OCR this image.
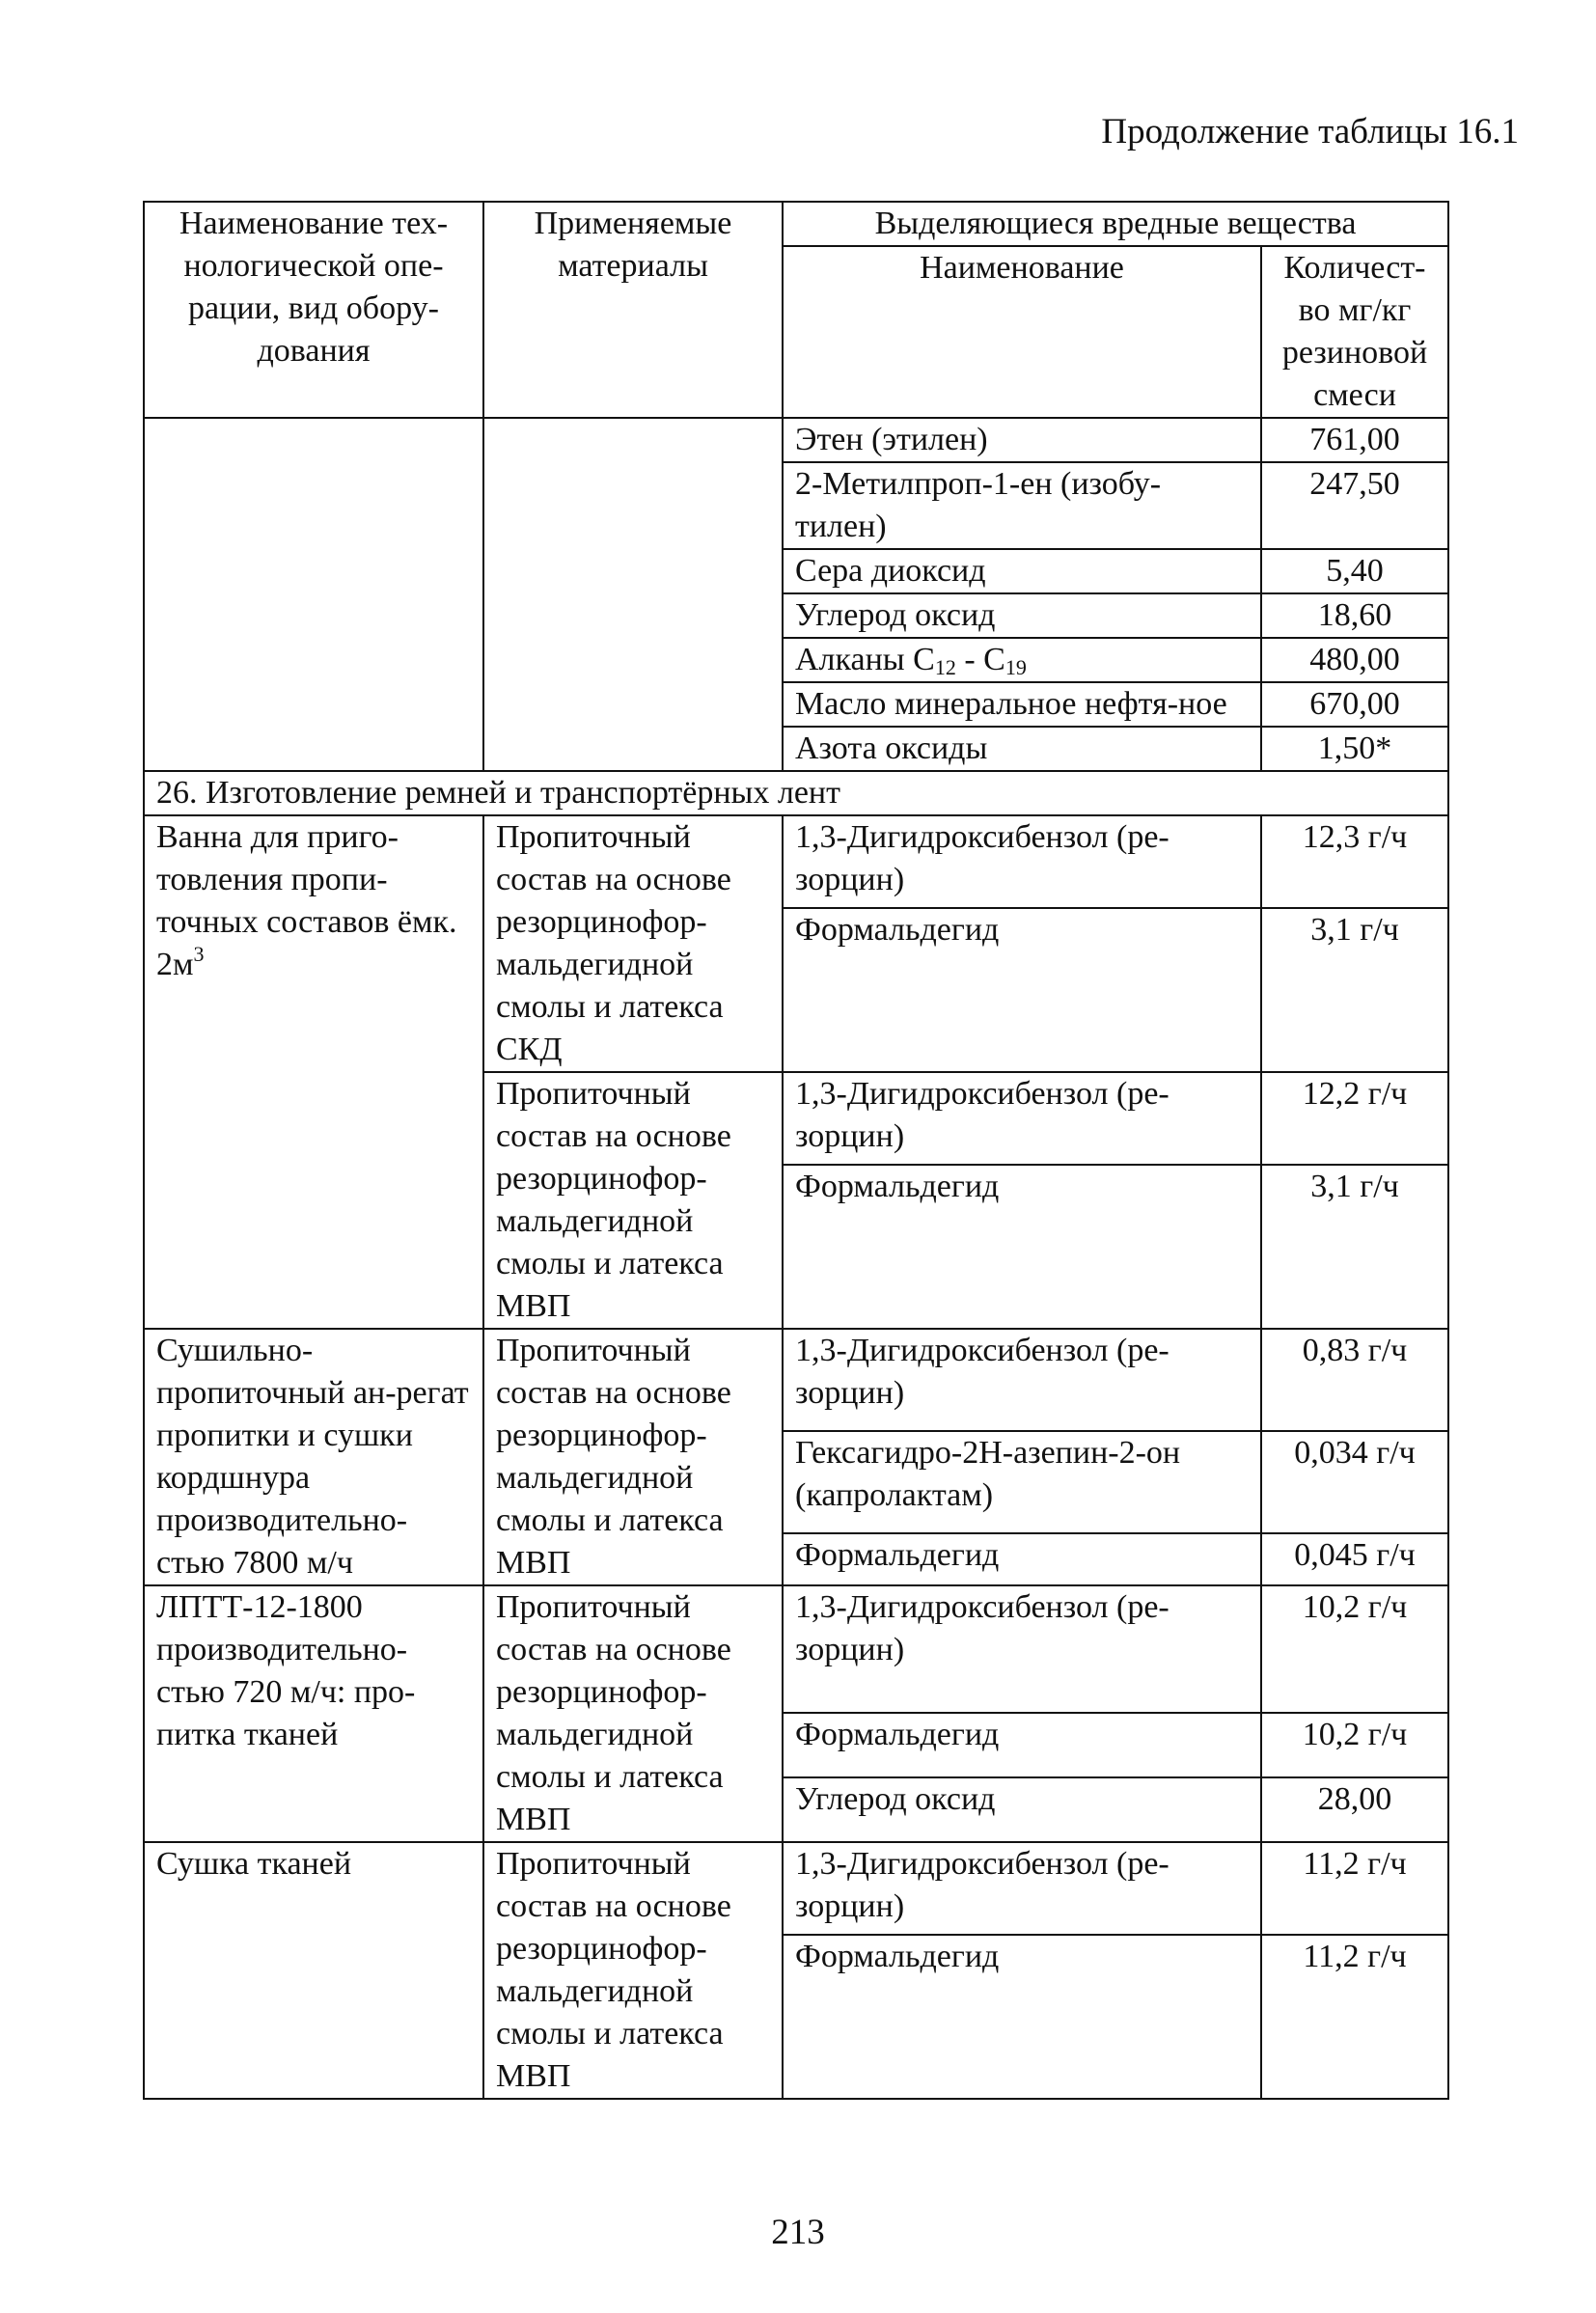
Продолжение таблицы 16.1
Наименование тех-нологической опе-рации, вид обору-дования	Применяемые материалы	Выделяющиеся вредные вещества	
		Наименование	Количест-во мг/кг резиновой смеси
		Этен (этилен)	761,00
		2-Метилпроп-1-ен (изобу-тилен)	247,50
		Сера диоксид	5,40
		Углерод оксид	18,60
		Алканы $С_{12} - С_{19}$	480,00
		Масло минеральное нефтя-ное	670,00
		Азота оксиды	1,50*
26. Изготовление ремней и транспортёрных лент			
Ванна для приго-товления пропи-точных составов ёмк. $2м^3$	Пропиточный состав на основе резорцинофор-мальдегидной смолы и латекса СКД	1,3-Дигидроксибензол (ре-зорцин)	12,3 г/ч
		Формальдегид	3,1 г/ч
	Пропиточный состав на основе резорцинофор-мальдегидной смолы и латекса МВП	1,3-Дигидроксибензол (ре-зорцин)	12,2 г/ч
		Формальдегид	3,1 г/ч
Сушильно-пропиточный ан-регат пропитки и сушки кордшнура производительно-стью 7800 м/ч	Пропиточный состав на основе резорцинофор-мальдегидной смолы и латекса МВП	1,3-Дигидроксибензол (ре-зорцин)	0,83 г/ч
		Гексагидро-2Н-азепин-2-он (капролактам)	0,034 г/ч
		Формальдегид	0,045 г/ч
ЛПТТ-12-1800 производительно-стью 720 м/ч: про-питка тканей	Пропиточный состав на основе резорцинофор-мальдегидной смолы и латекса МВП	1,3-Дигидроксибензол (ре-зорцин)	10,2 г/ч
		Формальдегид	10,2 г/ч
		Углерод оксид	28,00
Сушка тканей	Пропиточный состав на основе резорцинофор-мальдегидной смолы и латекса МВП	1,3-Дигидроксибензол (ре-зорцин)	11,2 г/ч
		Формальдегид	11,2 г/ч
213
